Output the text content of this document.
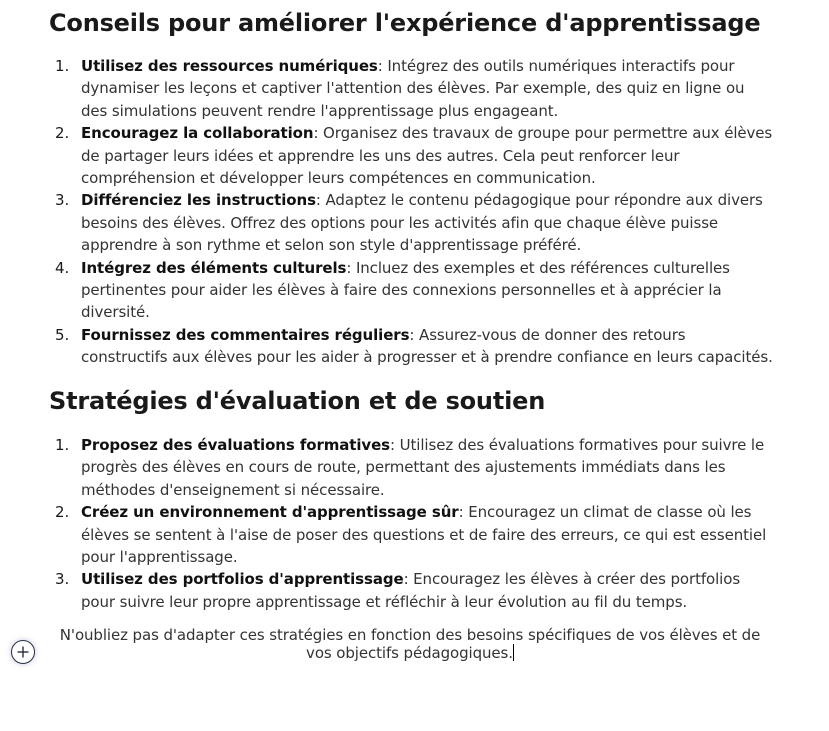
Conseils pour améliorer l'expérience d'apprentissage
1. Utilisez des ressources numériques: Intégrez des outils numériques interactifs pour dynamiser les leçons et captiver l'attention des élèves. Par exemple, des quiz en ligne ou des simulations peuvent rendre l'apprentissage plus engageant.
2. Encouragez la collaboration: Organisez des travaux de groupe pour permettre aux élèves de partager leurs idées et apprendre les uns des autres. Cela peut renforcer leur compréhension et développer leurs compétences en communication.
3. Différenciez les instructions: Adaptez le contenu pédagogique pour répondre aux divers besoins des élèves. Offrez des options pour les activités afin que chaque élève puisse apprendre à son rythme et selon son style d'apprentissage préféré.
4. Intégrez des éléments culturels: Incluez des exemples et des références culturelles pertinentes pour aider les élèves à faire des connexions personnelles et à apprécier la diversité.
5. Fournissez des commentaires réguliers: Assurez-vous de donner des retours constructifs aux élèves pour les aider à progresser et à prendre confiance en leurs capacités.
Stratégies d'évaluation et de soutien
1. Proposez des évaluations formatives: Utilisez des évaluations formatives pour suivre le progrès des élèves en cours de route, permettant des ajustements immédiats dans les méthodes d'enseignement si nécessaire.
2. Créez un environnement d'apprentissage sûr: Encouragez un climat de classe où les élèves se sentent à l'aise de poser des questions et de faire des erreurs, ce qui est essentiel pour l'apprentissage.
3. Utilisez des portfolios d'apprentissage: Encouragez les élèves à créer des portfolios pour suivre leur propre apprentissage et réfléchir à leur évolution au fil du temps.
N'oubliez pas d'adapter ces stratégies en fonction des besoins spécifiques de vos élèves et de vos objectifs pédagogiques.
